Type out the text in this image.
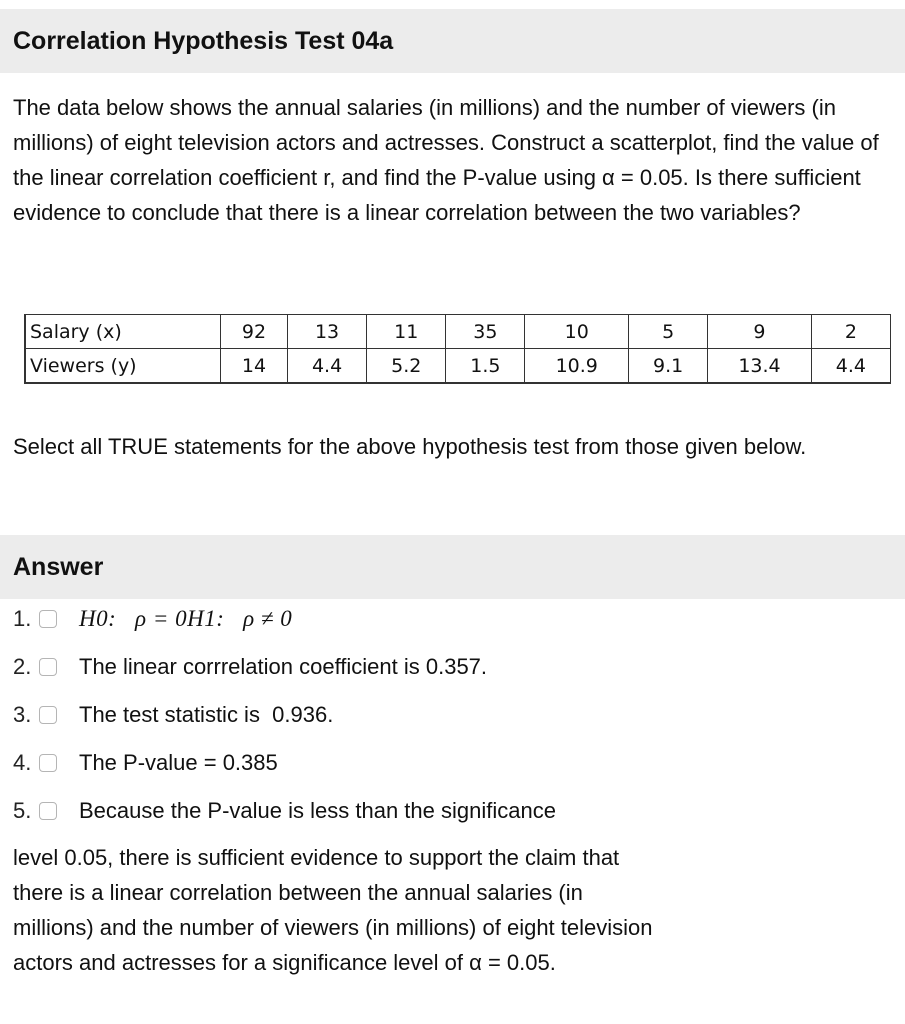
Correlation Hypothesis Test 04a
The data below shows the annual salaries (in millions) and the number of viewers (in millions) of eight television actors and actresses. Construct a scatterplot, find the value of the linear correlation coefficient r, and find the P-value using α = 0.05. Is there sufficient evidence to conclude that there is a linear correlation between the two variables?
Salary (x)	92	13	11	35	10	5	9	2
Viewers (y)	14	4.4	5.2	1.5	10.9	9.1	13.4	4.4
Select all TRUE statements for the above hypothesis test from those given below.
Answer
1.	H0: ρ = 0H1: ρ ≠ 0
2.	The linear corrrelation coefficient is 0.357.
3.	The test statistic is  0.936.
4.	The P-value = 0.385
5.	Because the P-value is less than the significance
level 0.05, there is sufficient evidence to support the claim that there is a linear correlation between the annual salaries (in millions) and the number of viewers (in millions) of eight television actors and actresses for a significance level of α = 0.05.
